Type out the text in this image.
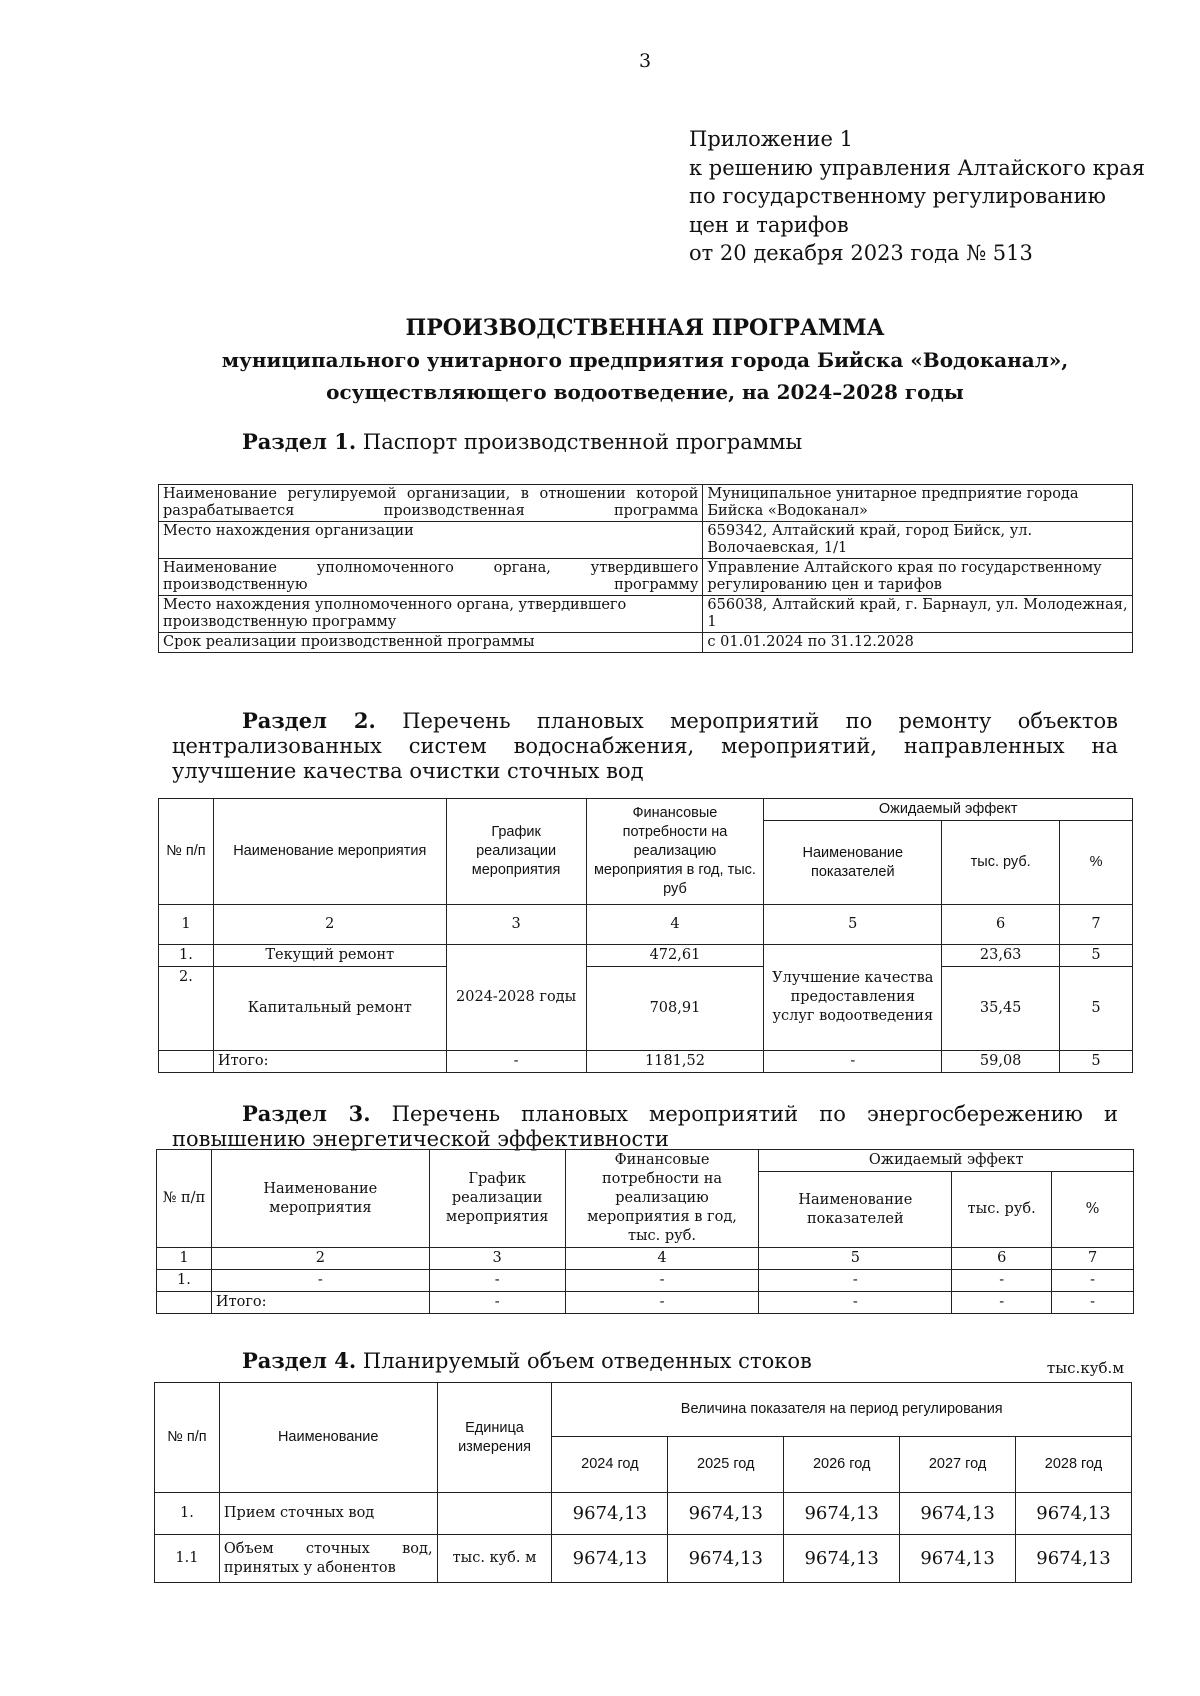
3
Приложение 1
к решению управления Алтайского края
по государственному регулированию
цен и тарифов
от 20 декабря 2023 года № 513
ПРОИЗВОДСТВЕННАЯ ПРОГРАММА
муниципального унитарного предприятия города Бийска «Водоканал»,
осуществляющего водоотведение, на 2024–2028 годы
Раздел 1. Паспорт производственной программы
Наименование регулируемой организации, в отношении которой разрабатывается производственная программа	Муниципальное унитарное предприятие города Бийска «Водоканал»
Место нахождения организации	659342, Алтайский край, город Бийск, ул. Волочаевская, 1/1
Наименование уполномоченного органа, утвердившего производственную программу	Управление Алтайского края по государственному регулированию цен и тарифов
Место нахождения уполномоченного органа, утвердившего производственную программу	656038, Алтайский край, г. Барнаул, ул. Молодежная, 1
Срок реализации производственной программы	с 01.01.2024 по 31.12.2028
Раздел 2. Перечень плановых мероприятий по ремонту объектов централизованных систем водоснабжения, мероприятий, направленных на улучшение качества очистки сточных вод
№ п/п	Наименование мероприятия	График реализации мероприятия	Финансовые потребности на реализацию мероприятия в год, тыс. руб	Ожидаемый эффект		
				Наименование показателей	тыс. руб.	%
1	2	3	4	5	6	7
1.	Текущий ремонт	2024-2028 годы	472,61	Улучшение качества предоставления услуг водоотведения	23,63	5
2.	Капитальный ремонт		708,91		35,45	5
	Итого:	-	1181,52	-	59,08	5
Раздел 3. Перечень плановых мероприятий по энергосбережению и повышению энергетической эффективности
№ п/п	Наименование мероприятия	График реализации мероприятия	Финансовые потребности на реализацию мероприятия в год, тыс. руб.	Ожидаемый эффект		
				Наименование показателей	тыс. руб.	%
1	2	3	4	5	6	7
1.	-	-	-	-	-	-
	Итого:	-	-	-	-	-
Раздел 4. Планируемый объем отведенных стоков	тыс.куб.м
№ п/п	Наименование	Единица измерения	Величина показателя на период регулирования				
			2024 год	2025 год	2026 год	2027 год	2028 год
1.	Прием сточных вод		9674,13	9674,13	9674,13	9674,13	9674,13
1.1	Объем сточных вод, принятых у абонентов	тыс. куб. м	9674,13	9674,13	9674,13	9674,13	9674,13
